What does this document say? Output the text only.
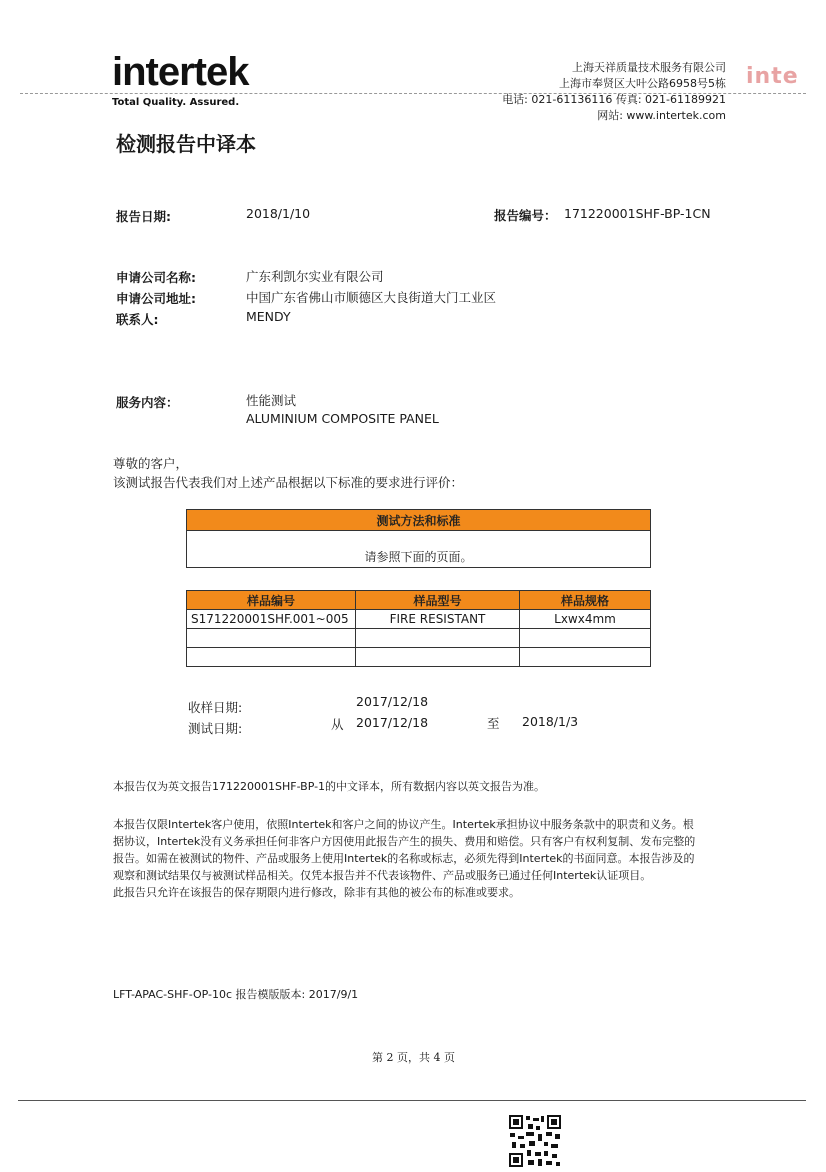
intertek
Total Quality. Assured.
上海天祥质量技术服务有限公司
上海市奉贤区大叶公路6958号5栋
电话: 021-61136116 传真: 021-61189921
网站: www.intertek.com
inte
检测报告中译本
报告日期:	2018/1/10	报告编号： 171220001SHF-BP-1CN
申请公司名称:	广东利凯尔实业有限公司
申请公司地址:	中国广东省佛山市顺德区大良街道大门工业区
联系人:	MENDY
服务内容：	性能测试
ALUMINIUM COMPOSITE PANEL
尊敬的客户，
该测试报告代表我们对上述产品根据以下标准的要求进行评价：
测试方法和标准
请参照下面的页面。
样品编号	样品型号	样品规格
S171220001SHF.001~005	FIRE RESISTANT	Lxwx4mm

收样日期:	2017/12/18
测试日期:	从 2017/12/18	至 2018/1/3
本报告仅为英文报告171220001SHF-BP-1的中文译本，所有数据内容以英文报告为准。
本报告仅限Intertek客户使用，依照Intertek和客户之间的协议产生。Intertek承担协议中服务条款中的职责和义务。根
据协议，Intertek没有义务承担任何非客户方因使用此报告产生的损失、费用和赔偿。只有客户有权利复制、发布完整的
报告。如需在被测试的物件、产品或服务上使用Intertek的名称或标志，必须先得到Intertek的书面同意。本报告涉及的
观察和测试结果仅与被测试样品相关。仅凭本报告并不代表该物件、产品或服务已通过任何Intertek认证项目。
此报告只允许在该报告的保存期限内进行修改，除非有其他的被公布的标准或要求。
LFT-APAC-SHF-OP-10c 报告模版版本: 2017/9/1
第 2 页，共 4 页
